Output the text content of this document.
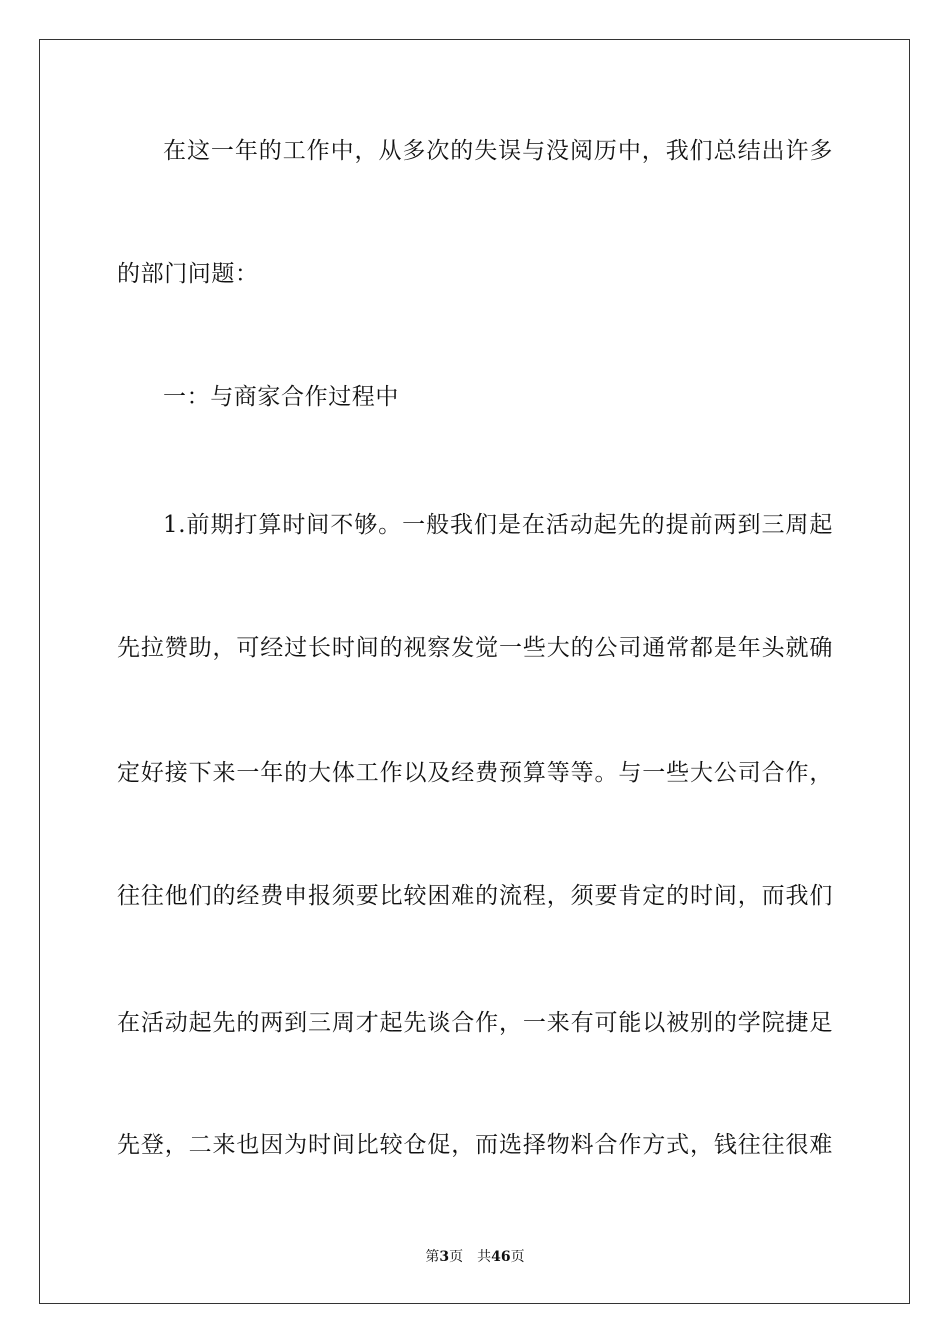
在这一年的工作中，从多次的失误与没阅历中，我们总结出许多
的部门问题：
一：与商家合作过程中
1.前期打算时间不够。一般我们是在活动起先的提前两到三周起
先拉赞助，可经过长时间的视察发觉一些大的公司通常都是年头就确
定好接下来一年的大体工作以及经费预算等等。与一些大公司合作，
往往他们的经费申报须要比较困难的流程，须要肯定的时间，而我们
在活动起先的两到三周才起先谈合作，一来有可能以被别的学院捷足
先登，二来也因为时间比较仓促，而选择物料合作方式，钱往往很难
第3页 共46页
